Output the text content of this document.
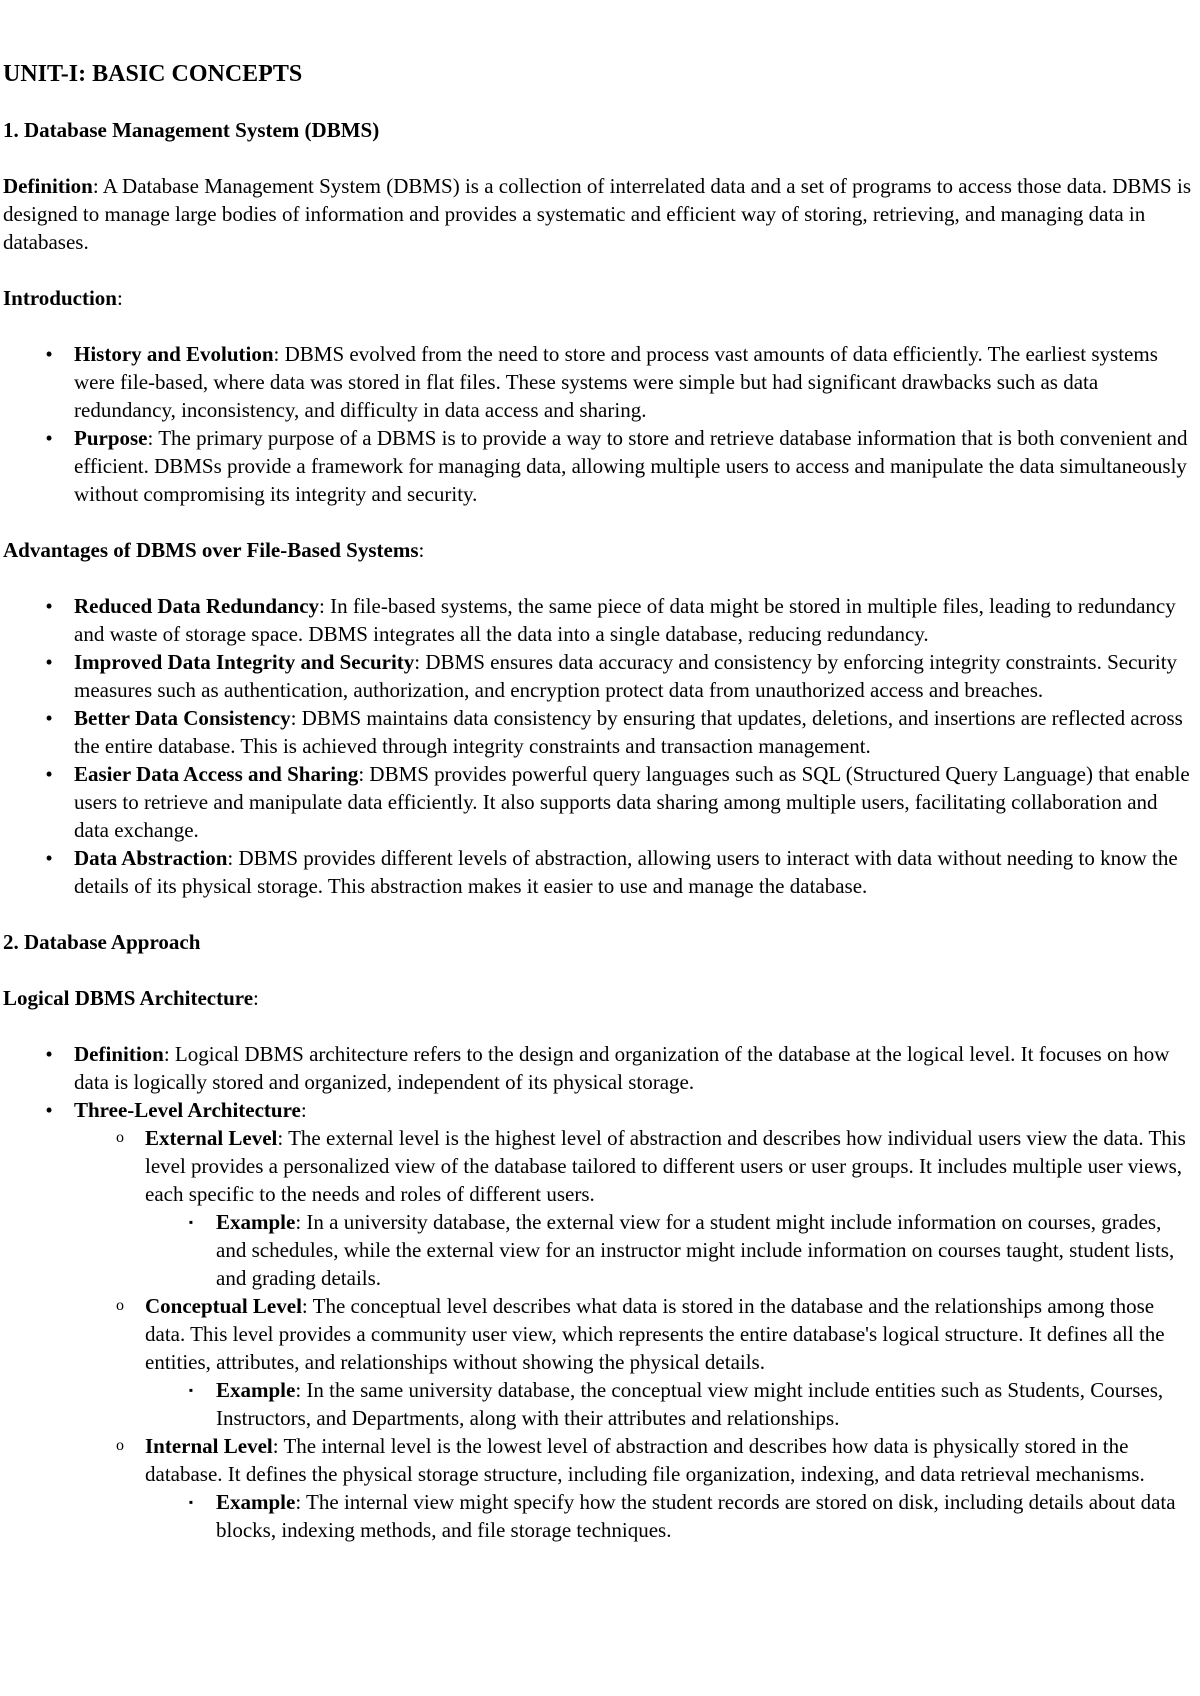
UNIT-I: BASIC CONCEPTS
1. Database Management System (DBMS)

Definition: A Database Management System (DBMS) is a collection of interrelated data and a set of programs to access those data. DBMS is designed to manage large bodies of information and provides a systematic and efficient way of storing, retrieving, and managing data in databases.

Introduction:

•	History and Evolution: DBMS evolved from the need to store and process vast amounts of data efficiently. The earliest systems were file-based, where data was stored in flat files. These systems were simple but had significant drawbacks such as data redundancy, inconsistency, and difficulty in data access and sharing.
•	Purpose: The primary purpose of a DBMS is to provide a way to store and retrieve database information that is both convenient and efficient. DBMSs provide a framework for managing data, allowing multiple users to access and manipulate the data simultaneously without compromising its integrity and security.

Advantages of DBMS over File-Based Systems:

•	Reduced Data Redundancy: In file-based systems, the same piece of data might be stored in multiple files, leading to redundancy and waste of storage space. DBMS integrates all the data into a single database, reducing redundancy.
•	Improved Data Integrity and Security: DBMS ensures data accuracy and consistency by enforcing integrity constraints. Security measures such as authentication, authorization, and encryption protect data from unauthorized access and breaches.
•	Better Data Consistency: DBMS maintains data consistency by ensuring that updates, deletions, and insertions are reflected across the entire database. This is achieved through integrity constraints and transaction management.
•	Easier Data Access and Sharing: DBMS provides powerful query languages such as SQL (Structured Query Language) that enable users to retrieve and manipulate data efficiently. It also supports data sharing among multiple users, facilitating collaboration and data exchange.
•	Data Abstraction: DBMS provides different levels of abstraction, allowing users to interact with data without needing to know the details of its physical storage. This abstraction makes it easier to use and manage the database.
2. Database Approach

Logical DBMS Architecture:

•	Definition: Logical DBMS architecture refers to the design and organization of the database at the logical level. It focuses on how data is logically stored and organized, independent of its physical storage.
•	Three-Level Architecture:
o External Level: The external level is the highest level of abstraction and describes how individual users view the data. This level provides a personalized view of the database tailored to different users or user groups. It includes multiple user views, each specific to the needs and roles of different users.
▪	Example: In a university database, the external view for a student might include information on courses, grades, and schedules, while the external view for an instructor might include information on courses taught, student lists, and grading details.
o Conceptual Level: The conceptual level describes what data is stored in the database and the relationships among those data. This level provides a community user view, which represents the entire database's logical structure. It defines all the entities, attributes, and relationships without showing the physical details.
▪	Example: In the same university database, the conceptual view might include entities such as Students, Courses, Instructors, and Departments, along with their attributes and relationships.
o Internal Level: The internal level is the lowest level of abstraction and describes how data is physically stored in the database. It defines the physical storage structure, including file organization, indexing, and data retrieval mechanisms.
▪	Example: The internal view might specify how the student records are stored on disk, including details about data blocks, indexing methods, and file storage techniques.
